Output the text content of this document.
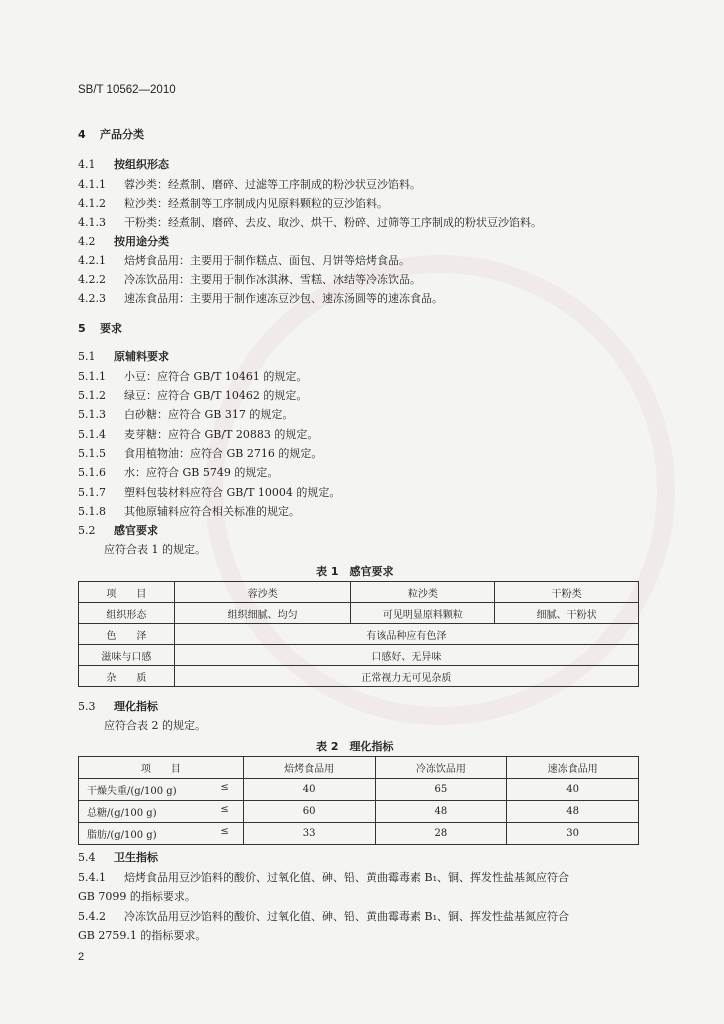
SB/T 10562—2010
4 产品分类
4.1 按组织形态
4.1.1 蓉沙类：经煮制、磨碎、过滤等工序制成的粉沙状豆沙馅料。
4.1.2 粒沙类：经煮制等工序制成内见原料颗粒的豆沙馅料。
4.1.3 干粉类：经煮制、磨碎、去皮、取沙、烘干、粉碎、过筛等工序制成的粉状豆沙馅料。
4.2 按用途分类
4.2.1 焙烤食品用：主要用于制作糕点、面包、月饼等焙烤食品。
4.2.2 冷冻饮品用：主要用于制作冰淇淋、雪糕、冰结等冷冻饮品。
4.2.3 速冻食品用：主要用于制作速冻豆沙包、速冻汤圆等的速冻食品。
5 要求
5.1 原辅料要求
5.1.1 小豆：应符合 GB/T 10461 的规定。
5.1.2 绿豆：应符合 GB/T 10462 的规定。
5.1.3 白砂糖：应符合 GB 317 的规定。
5.1.4 麦芽糖：应符合 GB/T 20883 的规定。
5.1.5 食用植物油：应符合 GB 2716 的规定。
5.1.6 水：应符合 GB 5749 的规定。
5.1.7 塑料包装材料应符合 GB/T 10004 的规定。
5.1.8 其他原辅料应符合相关标准的规定。
5.2 感官要求
应符合表 1 的规定。
表 1　感官要求
项　　目	蓉沙类	粒沙类	干粉类
组织形态	组织细腻、均匀	可见明显原料颗粒	细腻、干粉状
色　　泽	有该品种应有色泽		
滋味与口感	口感好、无异味		
杂　　质	正常视力无可见杂质		
5.3 理化指标
应符合表 2 的规定。
表 2　理化指标
项　　目	焙烤食品用	冷冻饮品用	速冻食品用
干燥失重/(g/100 g) ≤	40	65	40
总糖/(g/100 g) ≤	60	48	48
脂肪/(g/100 g) ≤	33	28	30
5.4 卫生指标
5.4.1 焙烤食品用豆沙馅料的酸价、过氧化值、砷、铅、黄曲霉毒素 B₁、铜、挥发性盐基氮应符合
GB 7099 的指标要求。
5.4.2 冷冻饮品用豆沙馅料的酸价、过氧化值、砷、铅、黄曲霉毒素 B₁、铜、挥发性盐基氮应符合
GB 2759.1 的指标要求。
2
